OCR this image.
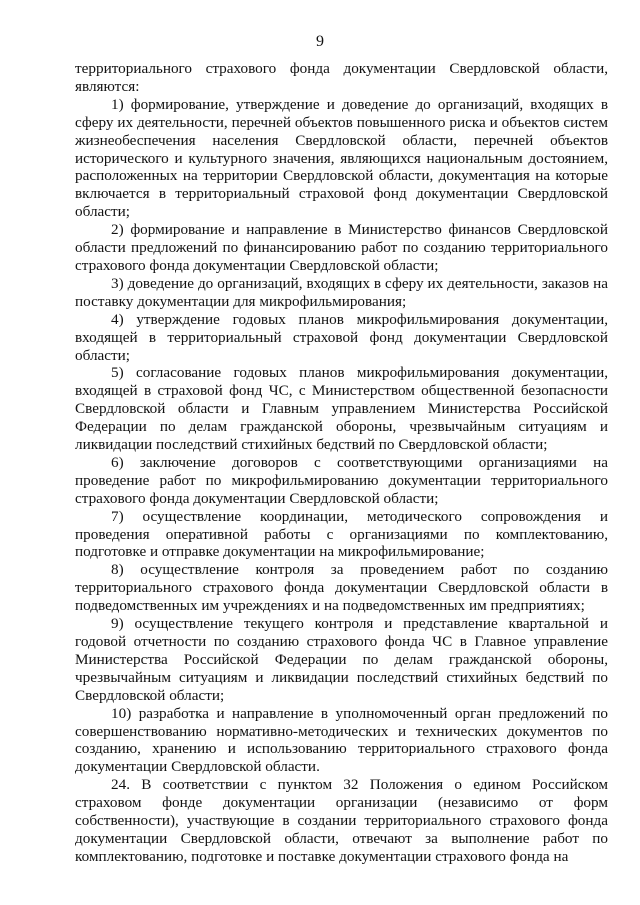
9

территориального страхового фонда документации Свердловской области, являются:

1) формирование, утверждение и доведение до организаций, входящих в сферу их деятельности, перечней объектов повышенного риска и объектов систем жизнеобеспечения населения Свердловской области, перечней объектов исторического и культурного значения, являющихся национальным достоянием, расположенных на территории Свердловской области, документация на которые включается в территориальный страховой фонд документации Свердловской области;

2) формирование и направление в Министерство финансов Свердловской области предложений по финансированию работ по созданию территориального страхового фонда документации Свердловской области;

3) доведение до организаций, входящих в сферу их деятельности, заказов на поставку документации для микрофильмирования;

4) утверждение годовых планов микрофильмирования документации, входящей в территориальный страховой фонд документации Свердловской области;

5) согласование годовых планов микрофильмирования документации, входящей в страховой фонд ЧС, с Министерством общественной безопасности Свердловской области и Главным управлением Министерства Российской Федерации по делам гражданской обороны, чрезвычайным ситуациям и ликвидации последствий стихийных бедствий по Свердловской области;

6) заключение договоров с соответствующими организациями на проведение работ по микрофильмированию документации территориального страхового фонда документации Свердловской области;

7) осуществление координации, методического сопровождения и проведения оперативной работы с организациями по комплектованию, подготовке и отправке документации на микрофильмирование;

8) осуществление контроля за проведением работ по созданию территориального страхового фонда документации Свердловской области в подведомственных им учреждениях и на подведомственных им предприятиях;

9) осуществление текущего контроля и представление квартальной и годовой отчетности по созданию страхового фонда ЧС в Главное управление Министерства Российской Федерации по делам гражданской обороны, чрезвычайным ситуациям и ликвидации последствий стихийных бедствий по Свердловской области;

10) разработка и направление в уполномоченный орган предложений по совершенствованию нормативно-методических и технических документов по созданию, хранению и использованию территориального страхового фонда документации Свердловской области.

24. В соответствии с пунктом 32 Положения о едином Российском страховом фонде документации организации (независимо от форм собственности), участвующие в создании территориального страхового фонда документации Свердловской области, отвечают за выполнение работ по комплектованию, подготовке и поставке документации страхового фонда на
